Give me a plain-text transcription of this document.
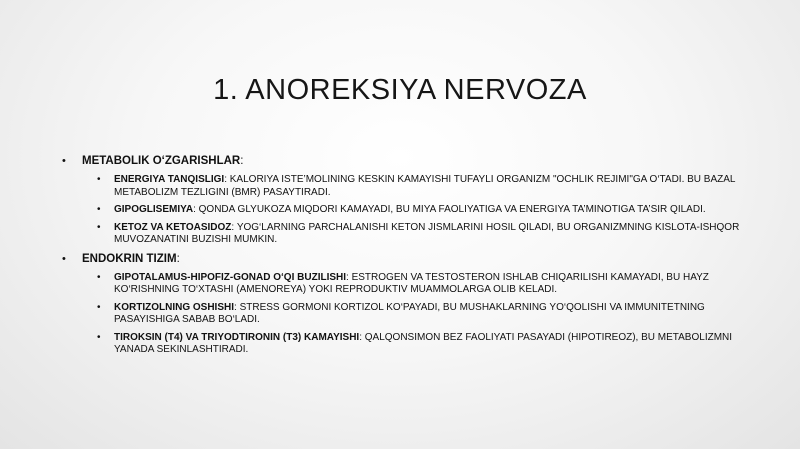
1. ANOREKSIYA NERVOZA
• METABOLIK O‘ZGARISHLAR:
• ENERGIYA TANQISLIGI: KALORIYA ISTE’MOLINING KESKIN KAMAYISHI TUFAYLI ORGANIZM "OCHLIK REJIMI"GA O‘TADI. BU BAZAL METABOLIZM TEZLIGINI (BMR) PASAYTIRADI.
• GIPOGLISEMIYA: QONDA GLYUKOZA MIQDORI KAMAYADI, BU MIYA FAOLIYATIGA VA ENERGIYA TA’MINOTIGA TA’SIR QILADI.
• KETOZ VA KETOASIDOZ: YOG‘LARNING PARCHALANISHI KETON JISMLARINI HOSIL QILADI, BU ORGANIZMNING KISLOTA-ISHQOR MUVOZANATINI BUZISHI MUMKIN.
• ENDOKRIN TIZIM:
• GIPOTALAMUS-HIPOFIZ-GONAD O‘QI BUZILISHI: ESTROGEN VA TESTOSTERON ISHLAB CHIQARILISHI KAMAYADI, BU HAYZ KO‘RISHNING TO‘XTASHI (AMENOREYA) YOKI REPRODUKTIV MUAMMOLARGA OLIB KELADI.
• KORTIZOLNING OSHISHI: STRESS GORMONI KORTIZOL KO‘PAYADI, BU MUSHAKLARNING YO‘QOLISHI VA IMMUNITETNING PASAYISHIGA SABAB BO‘LADI.
• TIROKSIN (T4) VA TRIYODTIRONIN (T3) KAMAYISHI: QALQONSIMON BEZ FAOLIYATI PASAYADI (HIPOTIREOZ), BU METABOLIZMNI YANADA SEKINLASHTIRADI.
